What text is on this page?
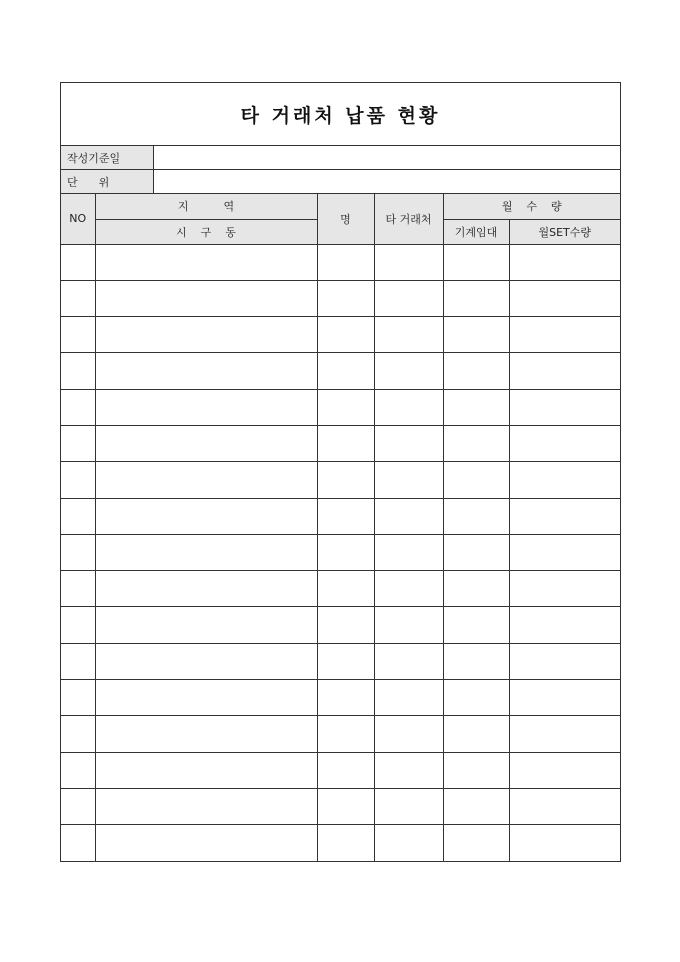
타 거래처 납품 현황
작성기준일
단      위
NO	지          역	명	타 거래처	월    수    량	
	시    구    동			기계임대	월SET수량
